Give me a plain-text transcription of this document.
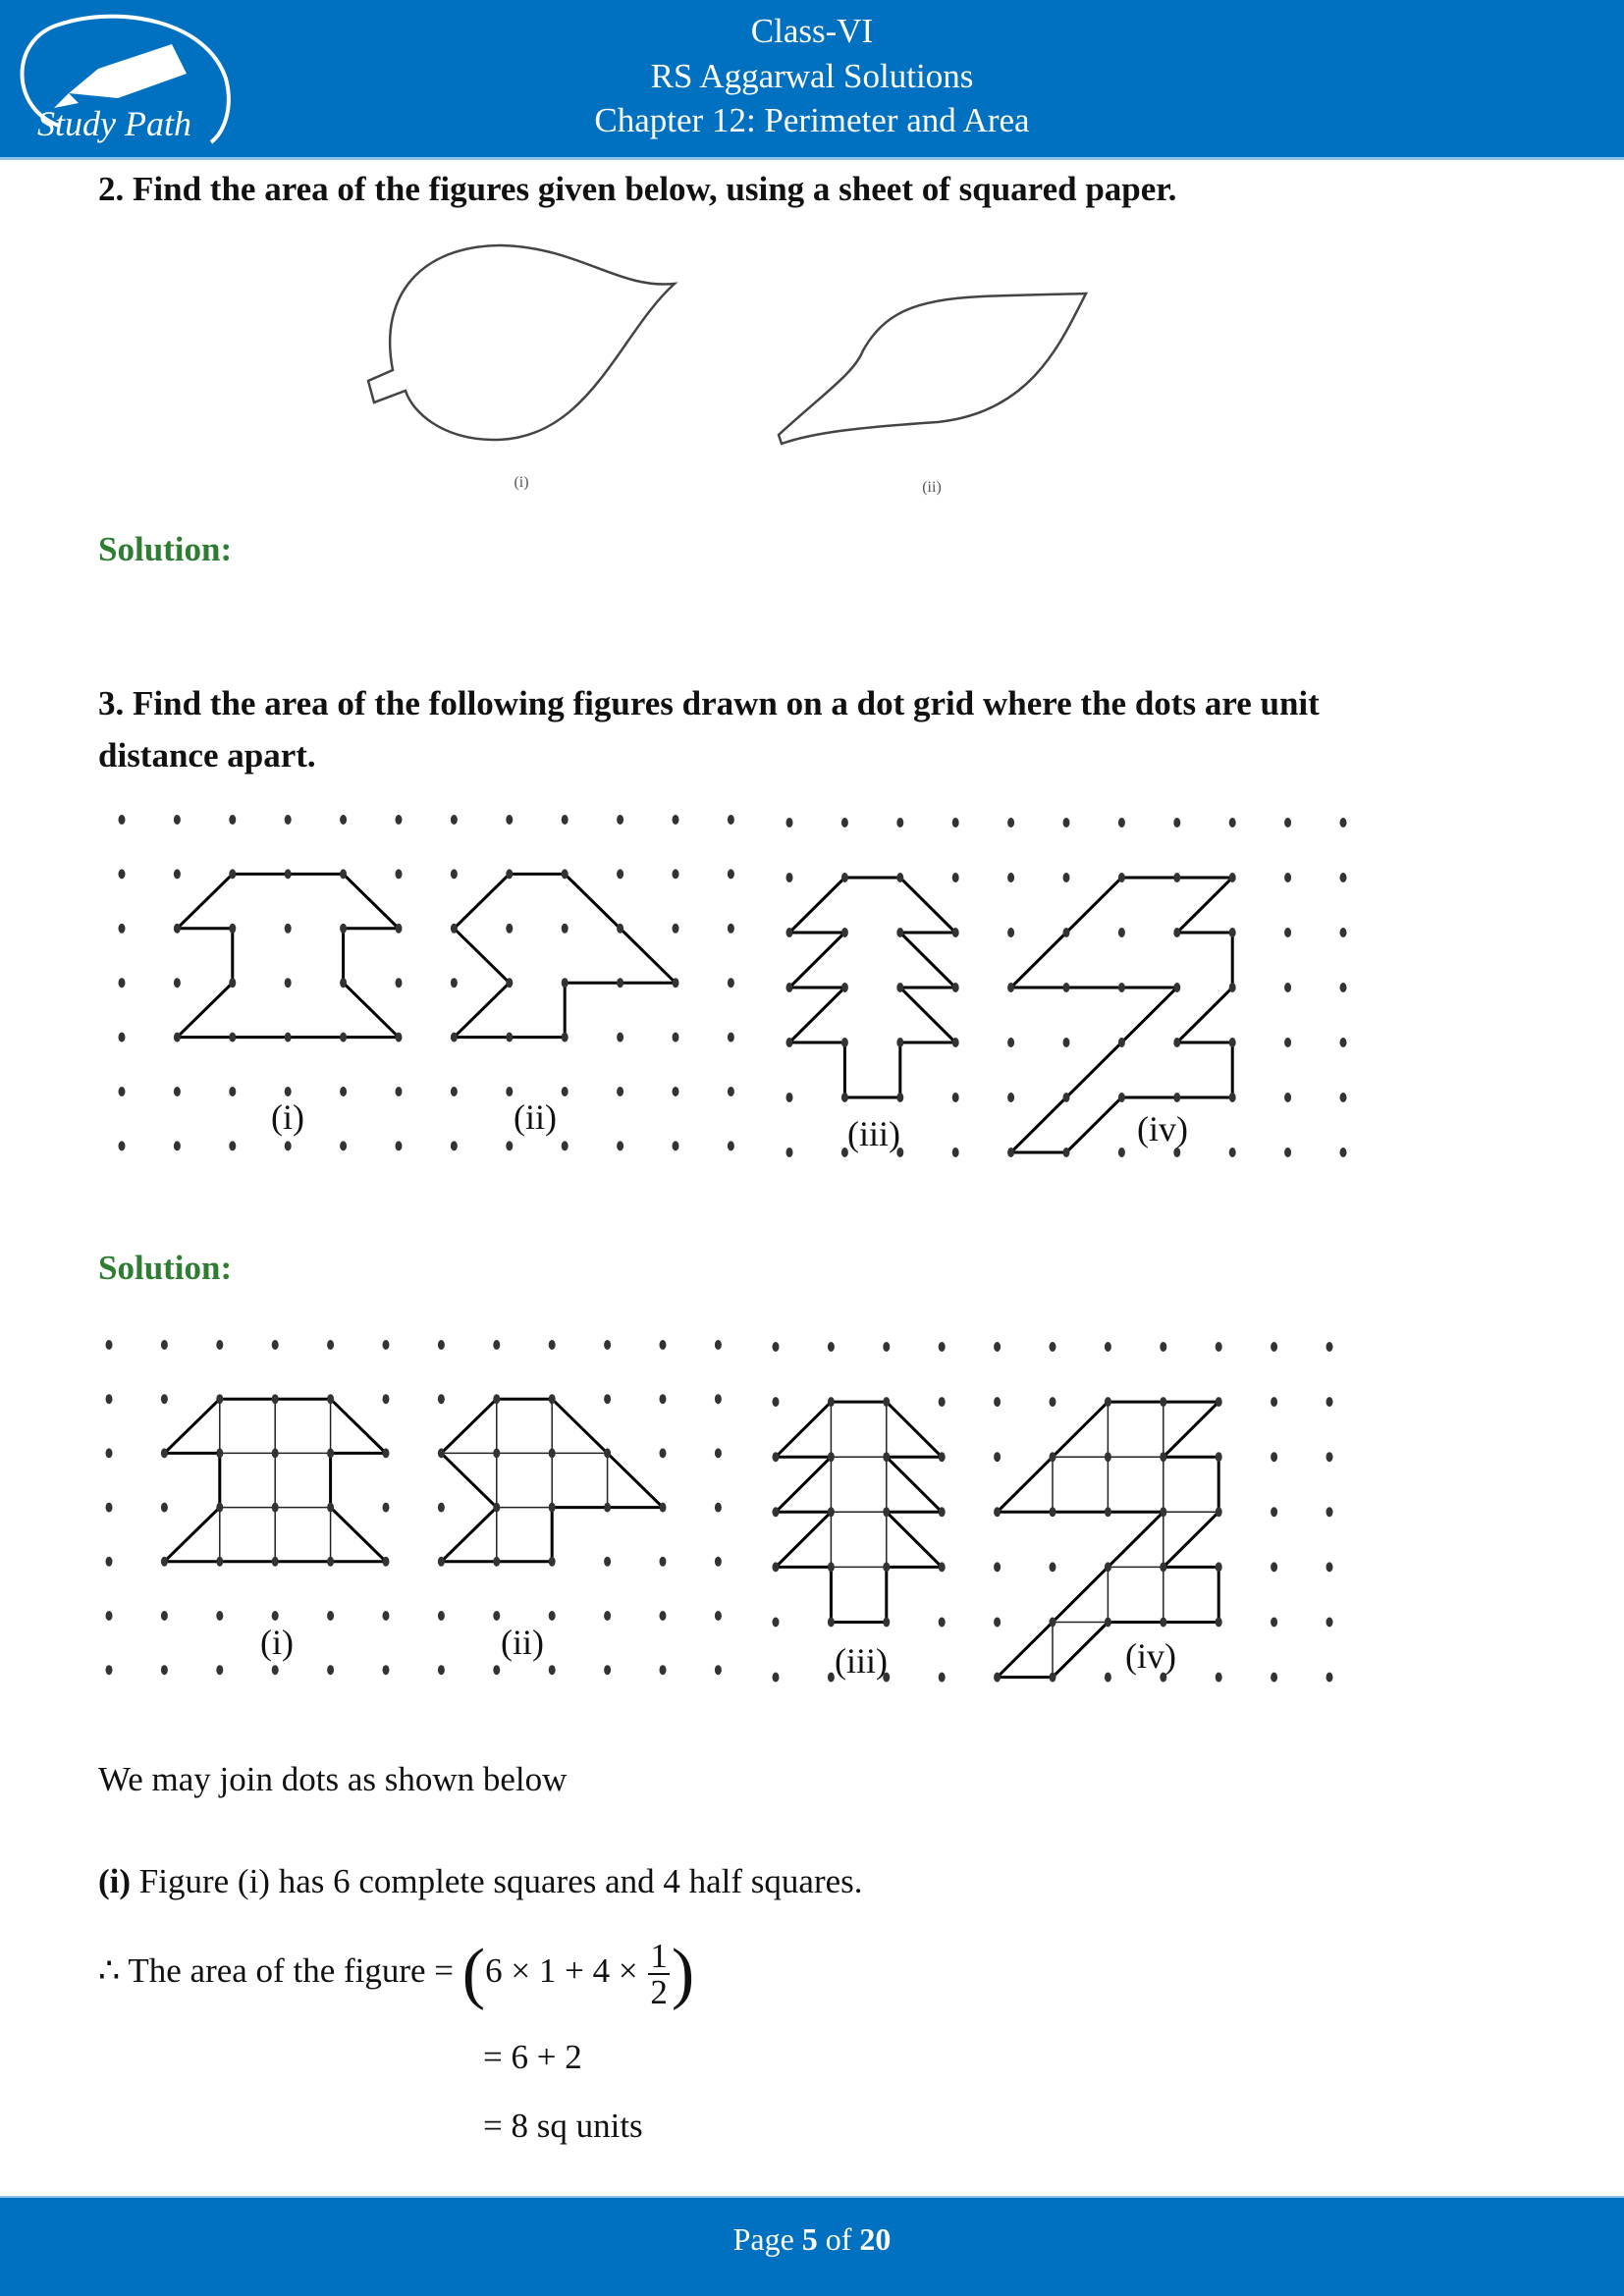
Study Path
Class-VI
RS Aggarwal Solutions
Chapter 12: Perimeter and Area
2. Find the area of the figures given below, using a sheet of squared paper.
(i)	(ii)
Solution:
3. Find the area of the following figures drawn on a dot grid where the dots are unit
distance apart.
(i)	(ii)	(iii)	(iv)
Solution:
(i)	(ii)	(iii)	(iv)
We may join dots as shown below
(i) Figure (i) has 6 complete squares and 4 half squares.
∴ The area of the figure = ($6 \times 1 + 4 \times \frac{1}{2}$ )
= 6 + 2
= 8 sq units
Page 5 of 20
